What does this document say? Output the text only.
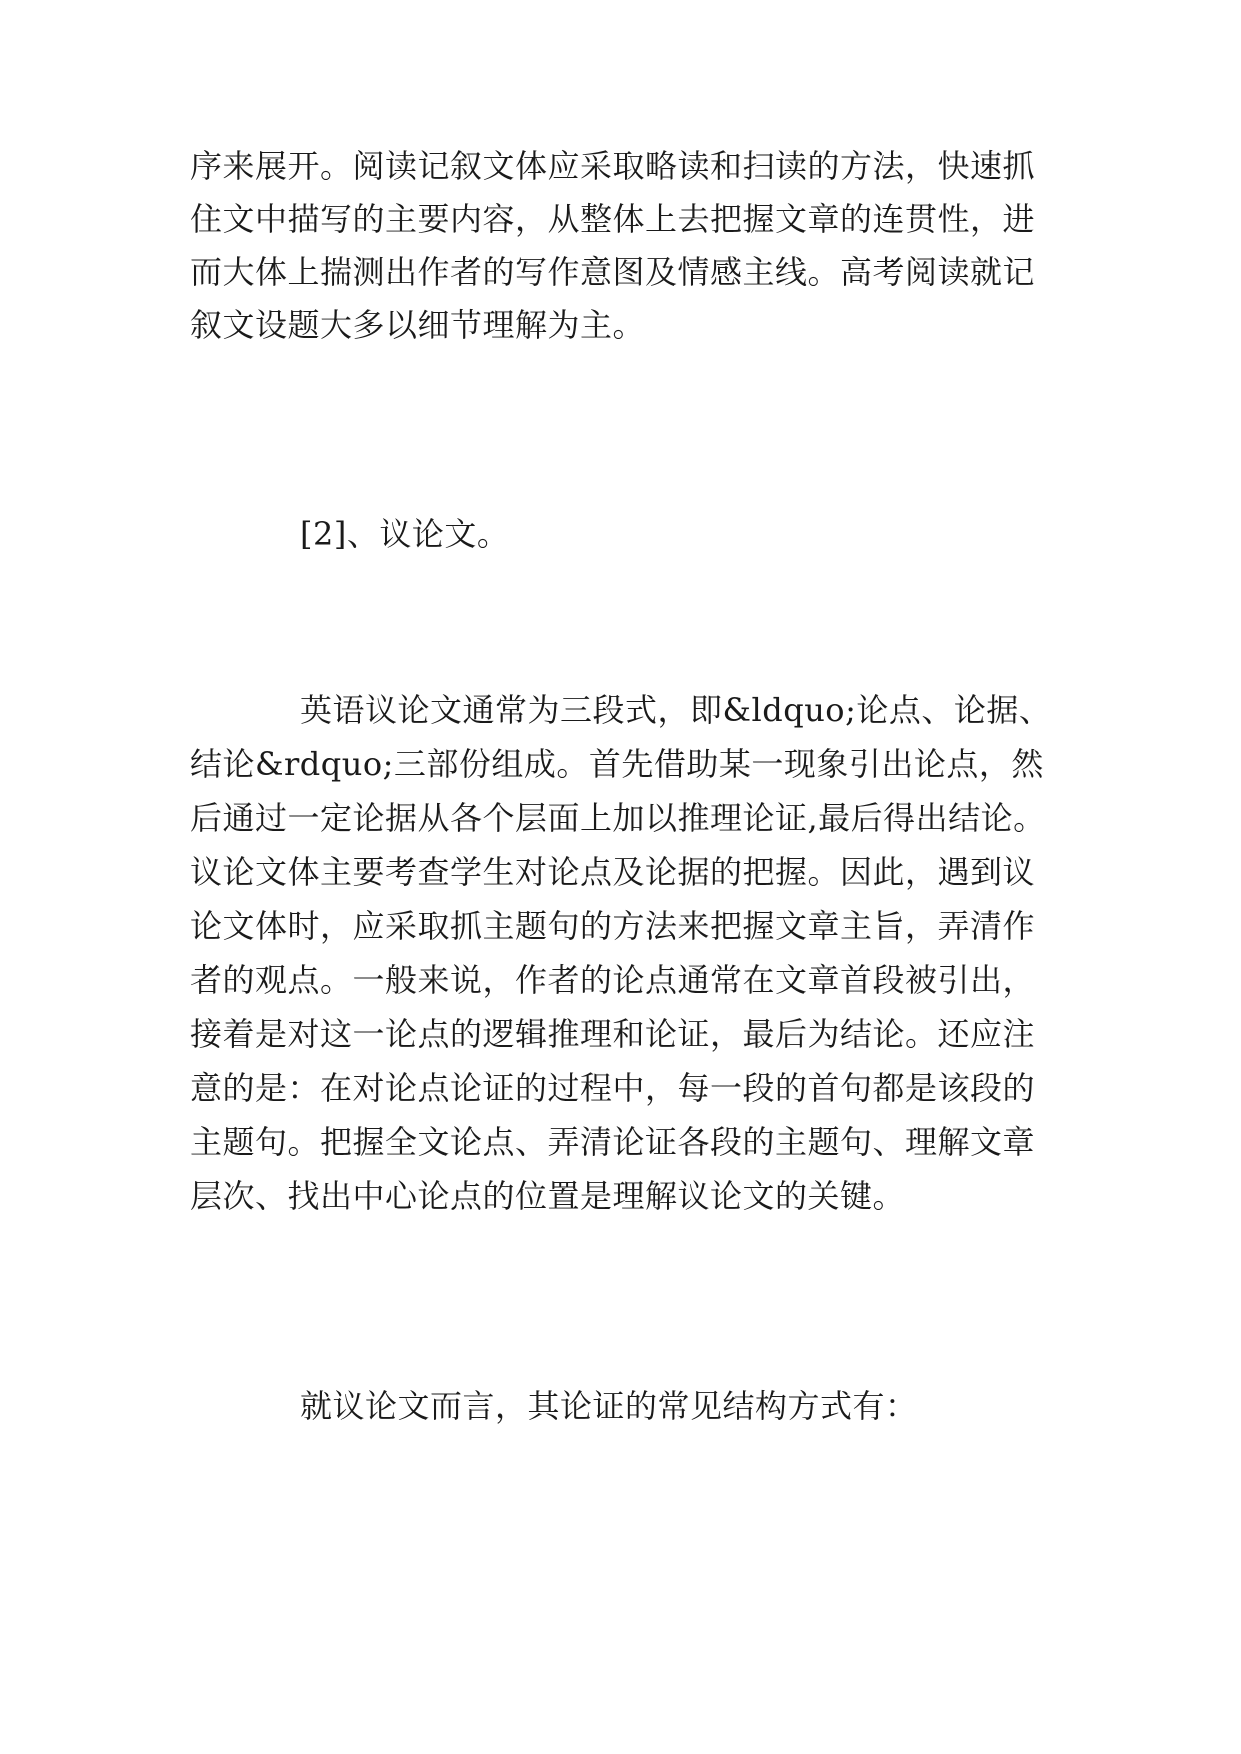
序来展开。阅读记叙文体应采取略读和扫读的方法，快速抓
住文中描写的主要内容，从整体上去把握文章的连贯性，进
而大体上揣测出作者的写作意图及情感主线。高考阅读就记
叙文设题大多以细节理解为主。
[2]、议论文。
英语议论文通常为三段式，即&ldquo;论点、论据、
结论&rdquo;三部份组成。首先借助某一现象引出论点，然
后通过一定论据从各个层面上加以推理论证,最后得出结论。
议论文体主要考查学生对论点及论据的把握。因此，遇到议
论文体时，应采取抓主题句的方法来把握文章主旨，弄清作
者的观点。一般来说，作者的论点通常在文章首段被引出，
接着是对这一论点的逻辑推理和论证，最后为结论。还应注
意的是：在对论点论证的过程中，每一段的首句都是该段的
主题句。把握全文论点、弄清论证各段的主题句、理解文章
层次、找出中心论点的位置是理解议论文的关键。
就议论文而言，其论证的常见结构方式有：
